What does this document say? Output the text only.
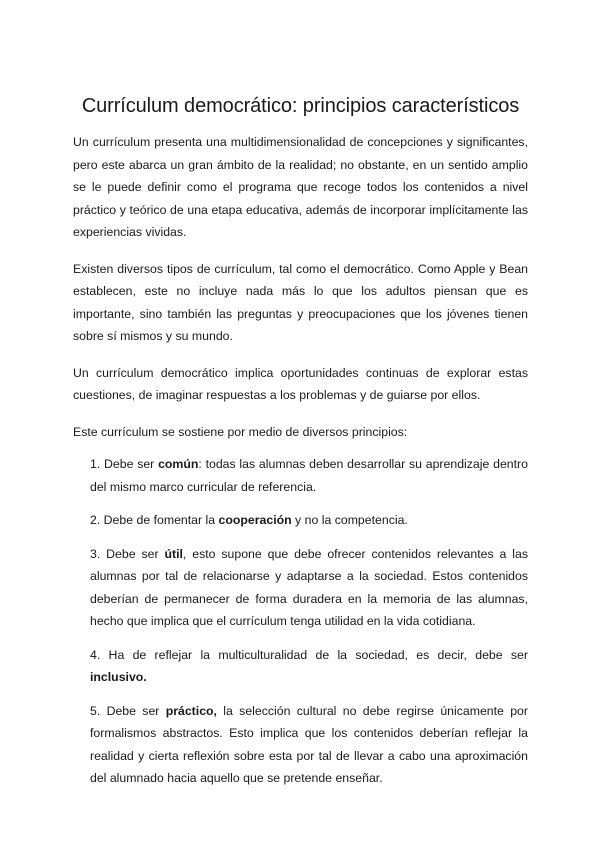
Currículum democrático: principios característicos

Un currículum presenta una multidimensionalidad de concepciones y significantes, pero este abarca un gran ámbito de la realidad; no obstante, en un sentido amplio se le puede definir como el programa que recoge todos los contenidos a nivel práctico y teórico de una etapa educativa, además de incorporar implícitamente las experiencias vividas.

Existen diversos tipos de currículum, tal como el democrático. Como Apple y Bean establecen, este no incluye nada más lo que los adultos piensan que es importante, sino también las preguntas y preocupaciones que los jóvenes tienen sobre sí mismos y su mundo.

Un currículum democrático implica oportunidades continuas de explorar estas cuestiones, de imaginar respuestas a los problemas y de guiarse por ellos.

Este currículum se sostiene por medio de diversos principios:

1. Debe ser común: todas las alumnas deben desarrollar su aprendizaje dentro del mismo marco curricular de referencia.

2. Debe de fomentar la cooperación y no la competencia.

3. Debe ser útil, esto supone que debe ofrecer contenidos relevantes a las alumnas por tal de relacionarse y adaptarse a la sociedad. Estos contenidos deberían de permanecer de forma duradera en la memoria de las alumnas, hecho que implica que el currículum tenga utilidad en la vida cotidiana.

4. Ha de reflejar la multiculturalidad de la sociedad, es decir, debe ser inclusivo.

5. Debe ser práctico, la selección cultural no debe regirse únicamente por formalismos abstractos. Esto implica que los contenidos deberían reflejar la realidad y cierta reflexión sobre esta por tal de llevar a cabo una aproximación del alumnado hacia aquello que se pretende enseñar.
